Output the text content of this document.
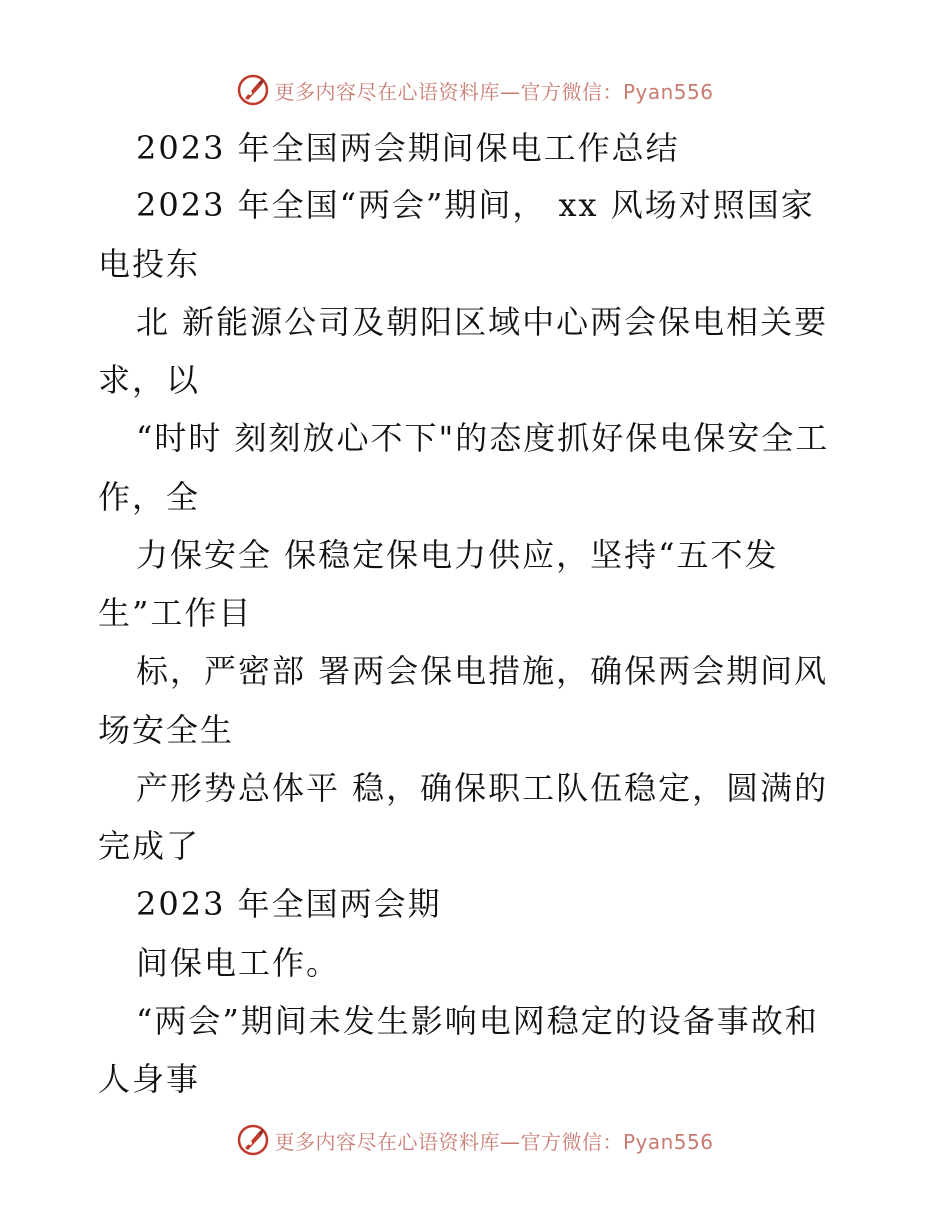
更多内容尽在心语资料库—官方微信：Pyan556
2023 年全国两会期间保电工作总结
2023 年全国“两会”期间， xx 风场对照国家
电投东
北 新能源公司及朝阳区域中心两会保电相关要
求，以
“时时 刻刻放心不下"的态度抓好保电保安全工
作，全
力保安全 保稳定保电力供应，坚持“五不发
生”工作目
标，严密部 署两会保电措施，确保两会期间风
场安全生
产形势总体平 稳，确保职工队伍稳定，圆满的
完成了
2023 年全国两会期
间保电工作。
“两会”期间未发生影响电网稳定的设备事故和
人身事
更多内容尽在心语资料库—官方微信：Pyan556
